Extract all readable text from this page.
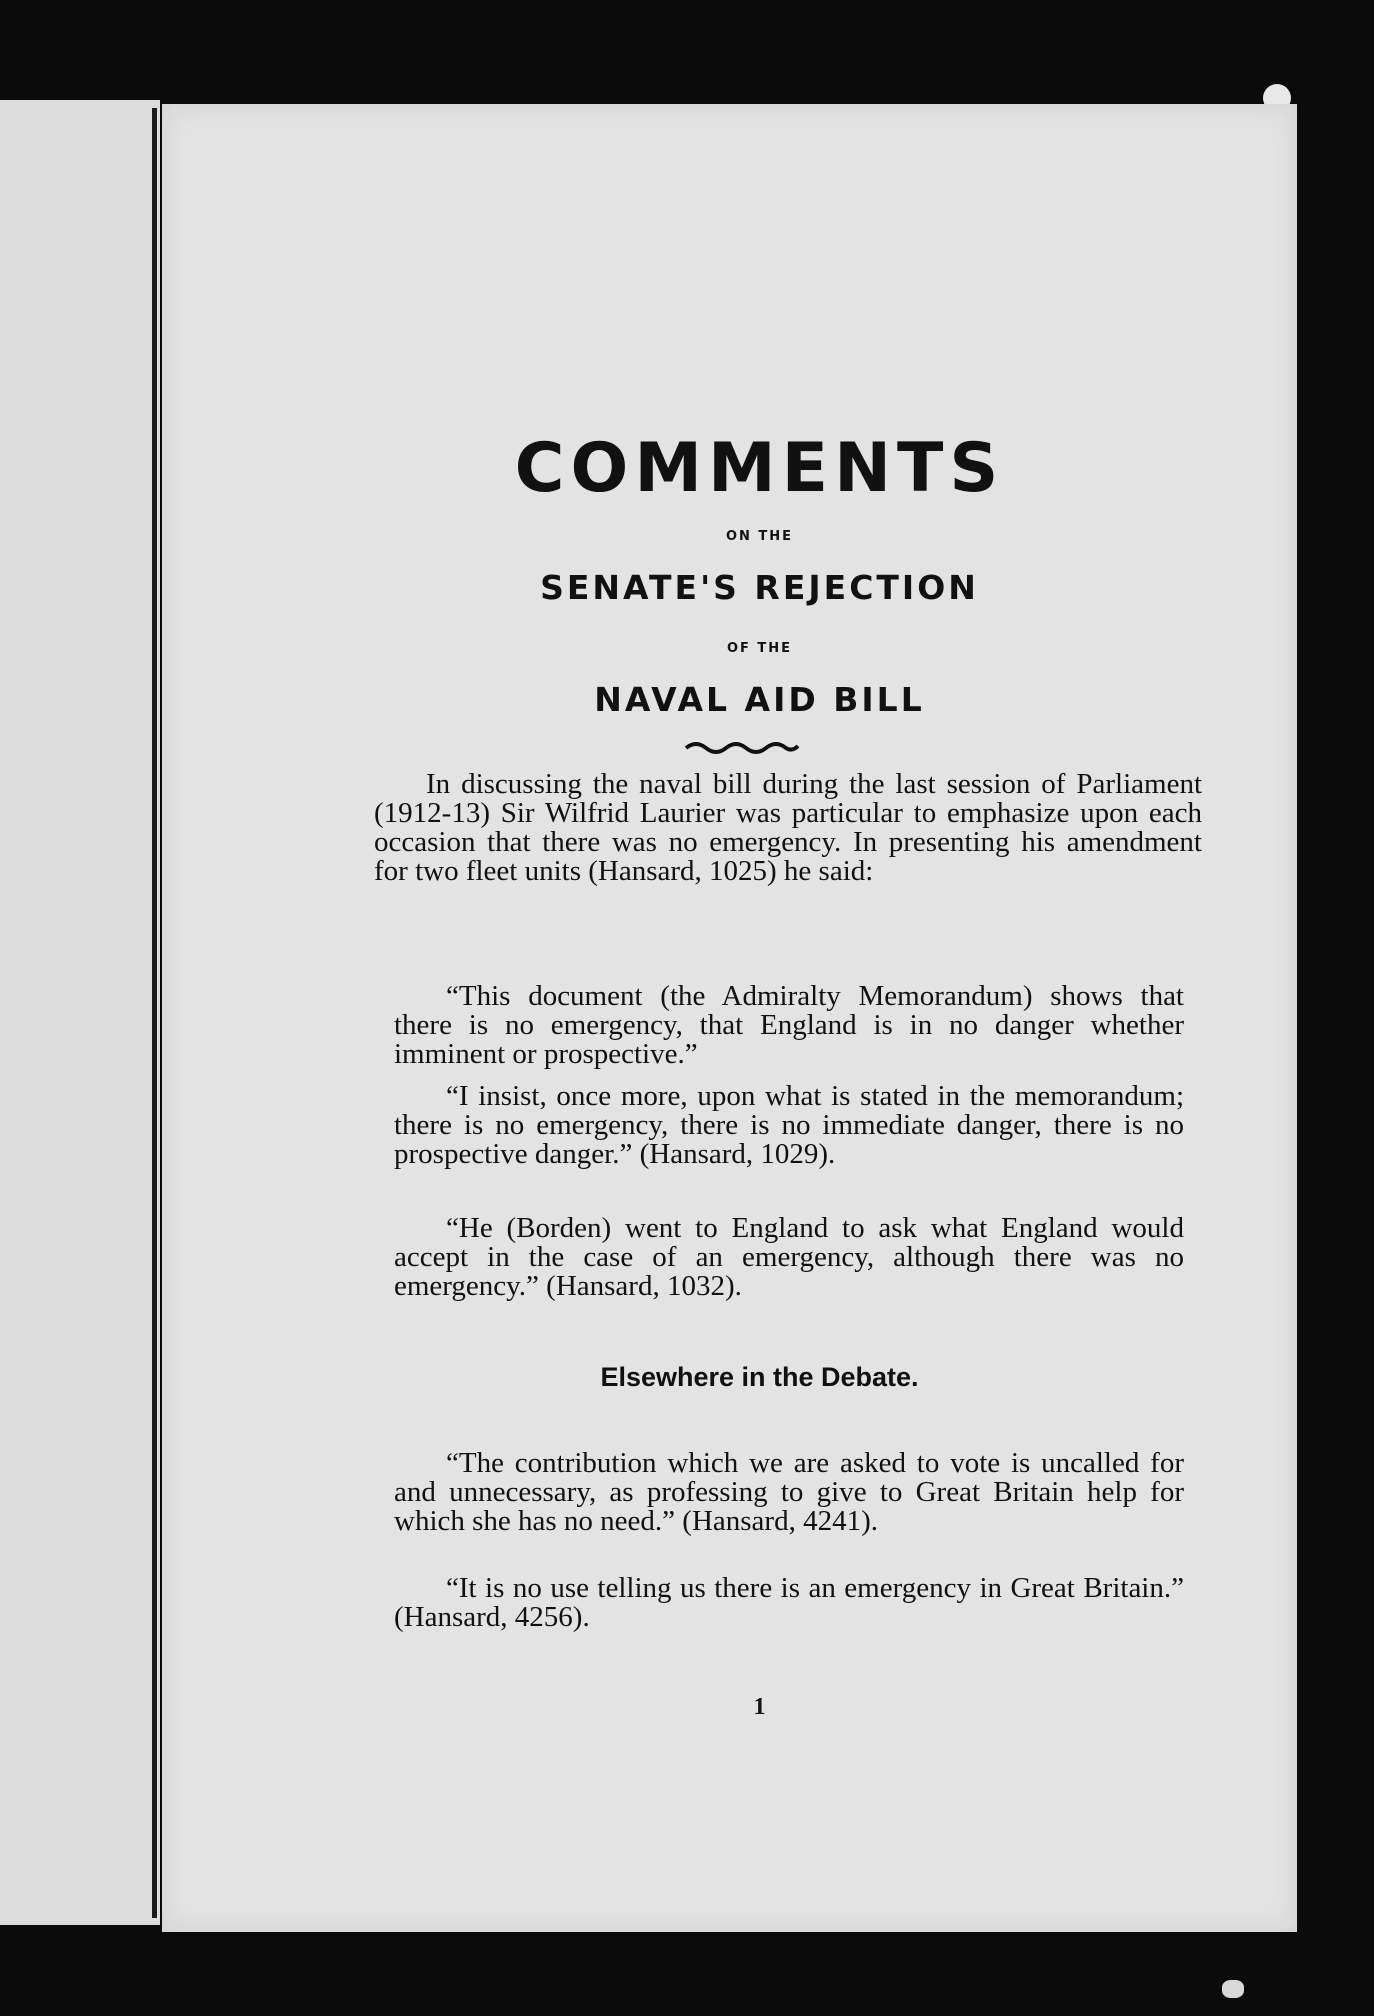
COMMENTS
ON THE
SENATE'S REJECTION
OF THE
NAVAL AID BILL
In discussing the naval bill during the last session of Parliament (1912-13) Sir Wilfrid Laurier was particular to emphasize upon each occasion that there was no emergency. In presenting his amendment for two fleet units (Hansard, 1025) he said:
“This document (the Admiralty Memorandum) shows that there is no emergency, that England is in no danger whether imminent or prospective.”
“I insist, once more, upon what is stated in the memorandum; there is no emergency, there is no immediate danger, there is no prospective danger.” (Hansard, 1029).
“He (Borden) went to England to ask what England would accept in the case of an emergency, although there was no emergency.” (Hansard, 1032).
Elsewhere in the Debate.
“The contribution which we are asked to vote is uncalled for and unnecessary, as professing to give to Great Britain help for which she has no need.” (Hansard, 4241).
“It is no use telling us there is an emergency in Great Britain.” (Hansard, 4256).
1
